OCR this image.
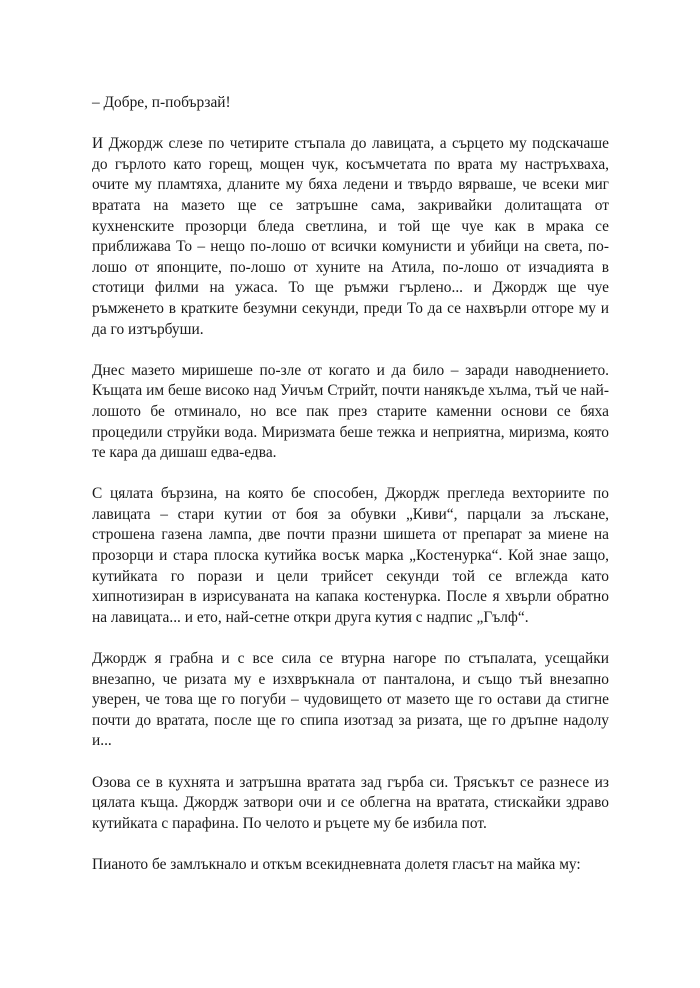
– Добре, п-побързай!

И Джордж слезе по четирите стъпала до лавицата, а сърцето му подскачаше до гърлото като горещ, мощен чук, косъмчетата по врата му настръхваха, очите му пламтяха, дланите му бяха ледени и твърдо вярваше, че всеки миг вратата на мазето ще се затръшне сама, закривайки долитащата от кухненските прозорци бледа светлина, и той ще чуе как в мрака се приближава То – нещо по-лошо от всички комунисти и убийци на света, по-лошо от японците, по-лошо от хуните на Атила, по-лошо от изчадията в стотици филми на ужаса. То ще ръмжи гърлено... и Джордж ще чуе ръмженето в кратките безумни секунди, преди То да се нахвърли отгоре му и да го изтърбуши.

Днес мазето миришеше по-зле от когато и да било – заради наводнението. Къщата им беше високо над Уичъм Стрийт, почти нанякъде хълма, тъй че най-лошото бе отминало, но все пак през старите каменни основи се бяха процедили струйки вода. Миризмата беше тежка и неприятна, миризма, която те кара да дишаш едва-едва.

С цялата бързина, на която бе способен, Джордж прегледа вехториите по лавицата – стари кутии от боя за обувки „Киви“, парцали за лъскане, строшена газена лампа, две почти празни шишета от препарат за миене на прозорци и стара плоска кутийка восък марка „Костенурка“. Кой знае защо, кутийката го порази и цели трийсет секунди той се вглежда като хипнотизиран в изрисуваната на капака костенурка. После я хвърли обратно на лавицата... и ето, най-сетне откри друга кутия с надпис „Гълф“.

Джордж я грабна и с все сила се втурна нагоре по стъпалата, усещайки внезапно, че ризата му е изхвръкнала от панталона, и също тъй внезапно уверен, че това ще го погуби – чудовището от мазето ще го остави да стигне почти до вратата, после ще го спипа изотзад за ризата, ще го дръпне надолу и...

Озова се в кухнята и затръшна вратата зад гърба си. Трясъкът се разнесе из цялата къща. Джордж затвори очи и се облегна на вратата, стискайки здраво кутийката с парафина. По челото и ръцете му бе избила пот.

Пианото бе замлъкнало и откъм всекидневната долетя гласът на майка му:
